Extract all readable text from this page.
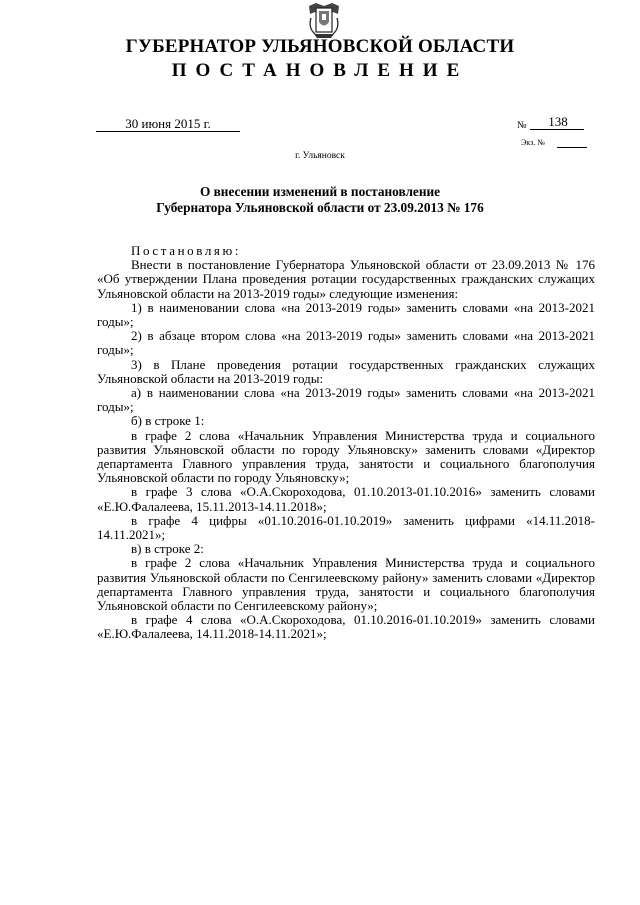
ГУБЕРНАТОР УЛЬЯНОВСКОЙ ОБЛАСТИ
ПОСТАНОВЛЕНИЕ
30 июня 2015 г.	№	138
Экз. №
г. Ульяновск
О внесении изменений в постановление
Губернатора Ульяновской области от 23.09.2013 № 176

Постановляю:

Внести в постановление Губернатора Ульяновской области от 23.09.2013 № 176 «Об утверждении Плана проведения ротации государственных гражданских служащих Ульяновской области на 2013-2019 годы» следующие изменения:

1) в наименовании слова «на 2013-2019 годы» заменить словами «на 2013-2021 годы»;

2) в абзаце втором слова «на 2013-2019 годы» заменить словами «на 2013-2021 годы»;

3) в Плане проведения ротации государственных гражданских служащих Ульяновской области на 2013-2019 годы:

а) в наименовании слова «на 2013-2019 годы» заменить словами «на 2013-2021 годы»;

б) в строке 1:

в графе 2 слова «Начальник Управления Министерства труда и социального развития Ульяновской области по городу Ульяновску» заменить словами «Директор департамента Главного управления труда, занятости и социального благополучия Ульяновской области по городу Ульяновску»;

в графе 3 слова «О.А.Скороходова, 01.10.2013-01.10.2016» заменить словами «Е.Ю.Фалалеева, 15.11.2013-14.11.2018»;

в графе 4 цифры «01.10.2016-01.10.2019» заменить цифрами «14.11.2018-14.11.2021»;

в) в строке 2:

в графе 2 слова «Начальник Управления Министерства труда и социального развития Ульяновской области по Сенгилеевскому району» заменить словами «Директор департамента Главного управления труда, занятости и социального благополучия Ульяновской области по Сенгилеевскому району»;

в графе 4 слова «О.А.Скороходова, 01.10.2016-01.10.2019» заменить словами «Е.Ю.Фалалеева, 14.11.2018-14.11.2021»;
